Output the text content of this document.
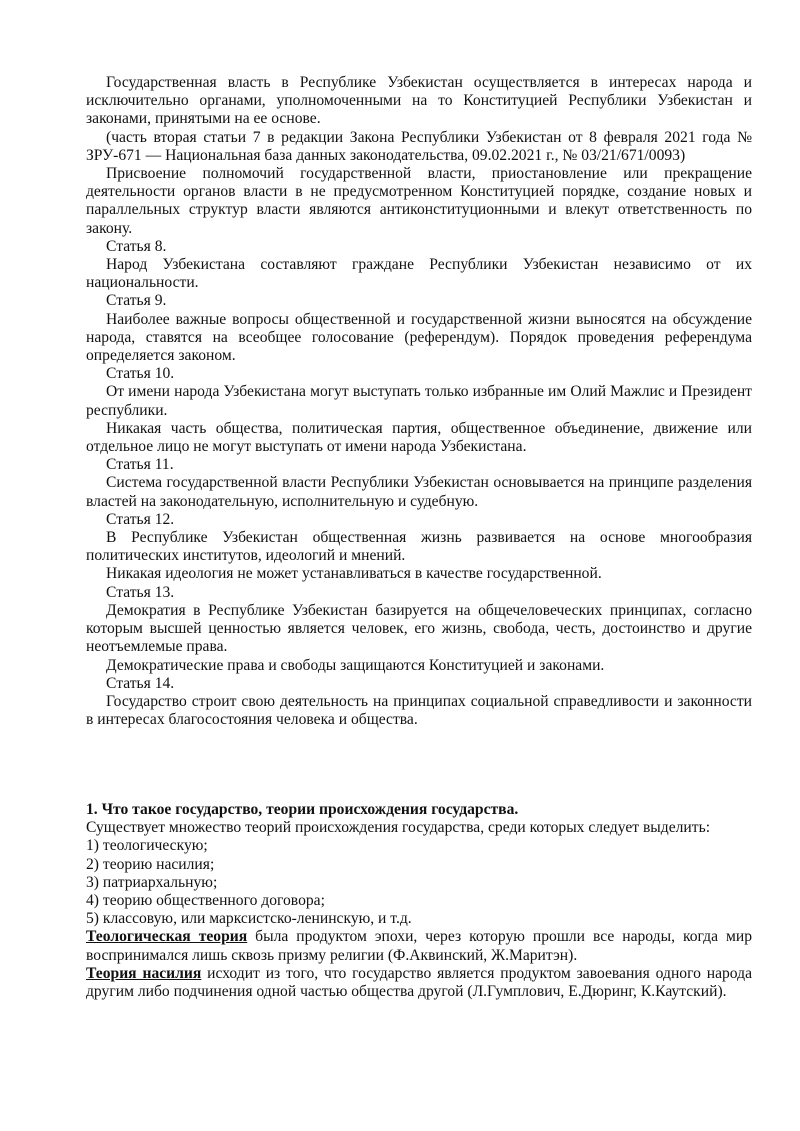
Государственная власть в Республике Узбекистан осуществляется в интересах народа и исключительно органами, уполномоченными на то Конституцией Республики Узбекистан и законами, принятыми на ее основе.

(часть вторая статьи 7 в редакции Закона Республики Узбекистан от 8 февраля 2021 года № ЗРУ-671 — Национальная база данных законодательства, 09.02.2021 г., № 03/21/671/0093)

Присвоение полномочий государственной власти, приостановление или прекращение деятельности органов власти в не предусмотренном Конституцией порядке, создание новых и параллельных структур власти являются антиконституционными и влекут ответственность по закону.

Статья 8.

Народ Узбекистана составляют граждане Республики Узбекистан независимо от их национальности.

Статья 9.

Наиболее важные вопросы общественной и государственной жизни выносятся на обсуждение народа, ставятся на всеобщее голосование (референдум). Порядок проведения референдума определяется законом.

Статья 10.

От имени народа Узбекистана могут выступать только избранные им Олий Мажлис и Президент республики.

Никакая часть общества, политическая партия, общественное объединение, движение или отдельное лицо не могут выступать от имени народа Узбекистана.

Статья 11.

Система государственной власти Республики Узбекистан основывается на принципе разделения властей на законодательную, исполнительную и судебную.

Статья 12.

В Республике Узбекистан общественная жизнь развивается на основе многообразия политических институтов, идеологий и мнений.

Никакая идеология не может устанавливаться в качестве государственной.

Статья 13.

Демократия в Республике Узбекистан базируется на общечеловеческих принципах, согласно которым высшей ценностью является человек, его жизнь, свобода, честь, достоинство и другие неотъемлемые права.

Демократические права и свободы защищаются Конституцией и законами.

Статья 14.

Государство строит свою деятельность на принципах социальной справедливости и законности в интересах благосостояния человека и общества.

1. Что такое государство, теории происхождения государства.

Существует множество теорий происхождения государства, среди которых следует выделить:

1) теологическую;

2) теорию насилия;

3) патриархальную;

4) теорию общественного договора;

5) классовую, или марксистско-ленинскую, и т.д.

Теологическая теория была продуктом эпохи, через которую прошли все народы, когда мир воспринимался лишь сквозь призму религии (Ф.Аквинский, Ж.Маритэн).

Теория насилия исходит из того, что государство является продуктом завоевания одного народа другим либо подчинения одной частью общества другой (Л.Гумплович, Е.Дюринг, К.Каутский).
